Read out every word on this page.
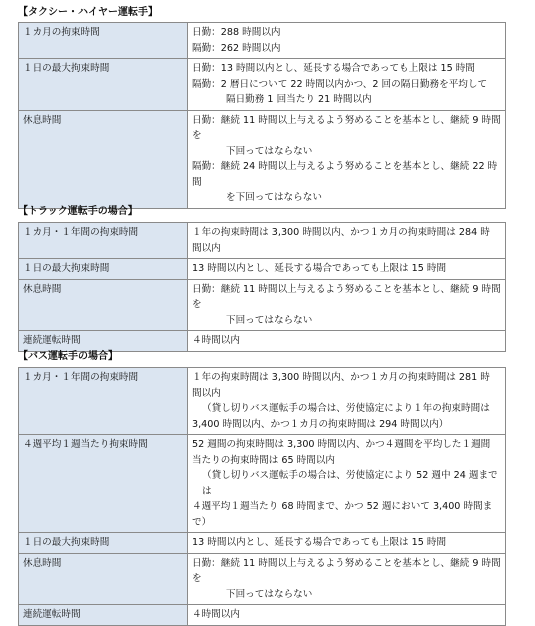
【タクシー・ハイヤー運転手】
１カ月の拘束時間	日勤：288 時間以内
隔勤：262 時間以内

１日の最大拘束時間	日勤：13 時間以内とし、延長する場合であっても上限は 15 時間
隔勤：2 暦日について 22 時間以内かつ、2 回の隔日勤務を平均して
隔日勤務 1 回当たり 21 時間以内

休息時間	日勤：継続 11 時間以上与えるよう努めることを基本とし、継続 9 時間を
下回ってはならない
隔勤：継続 24 時間以上与えるよう努めることを基本とし、継続 22 時間
を下回ってはならない
【トラック運転手の場合】
１カ月・１年間の拘束時間	１年の拘束時間は 3,300 時間以内、かつ１カ月の拘束時間は 284 時
間以内

１日の最大拘束時間	13 時間以内とし、延長する場合であっても上限は 15 時間

休息時間	日勤：継続 11 時間以上与えるよう努めることを基本とし、継続 9 時間を
下回ってはならない

連続運転時間	４時間以内
【バス運転手の場合】
１カ月・１年間の拘束時間	１年の拘束時間は 3,300 時間以内、かつ１カ月の拘束時間は 281 時
間以内
（貸し切りバス運転手の場合は、労使協定により１年の拘束時間は
3,400 時間以内、かつ１カ月の拘束時間は 294 時間以内）

４週平均１週当たり拘束時間	52 週間の拘束時間は 3,300 時間以内、かつ４週間を平均した１週間
当たりの拘束時間は 65 時間以内
（貸し切りバス運転手の場合は、労使協定により 52 週中 24 週までは
４週平均１週当たり 68 時間まで、かつ 52 週において 3,400 時間まで）

１日の最大拘束時間	13 時間以内とし、延長する場合であっても上限は 15 時間

休息時間	日勤：継続 11 時間以上与えるよう努めることを基本とし、継続 9 時間を
下回ってはならない

連続運転時間	４時間以内
